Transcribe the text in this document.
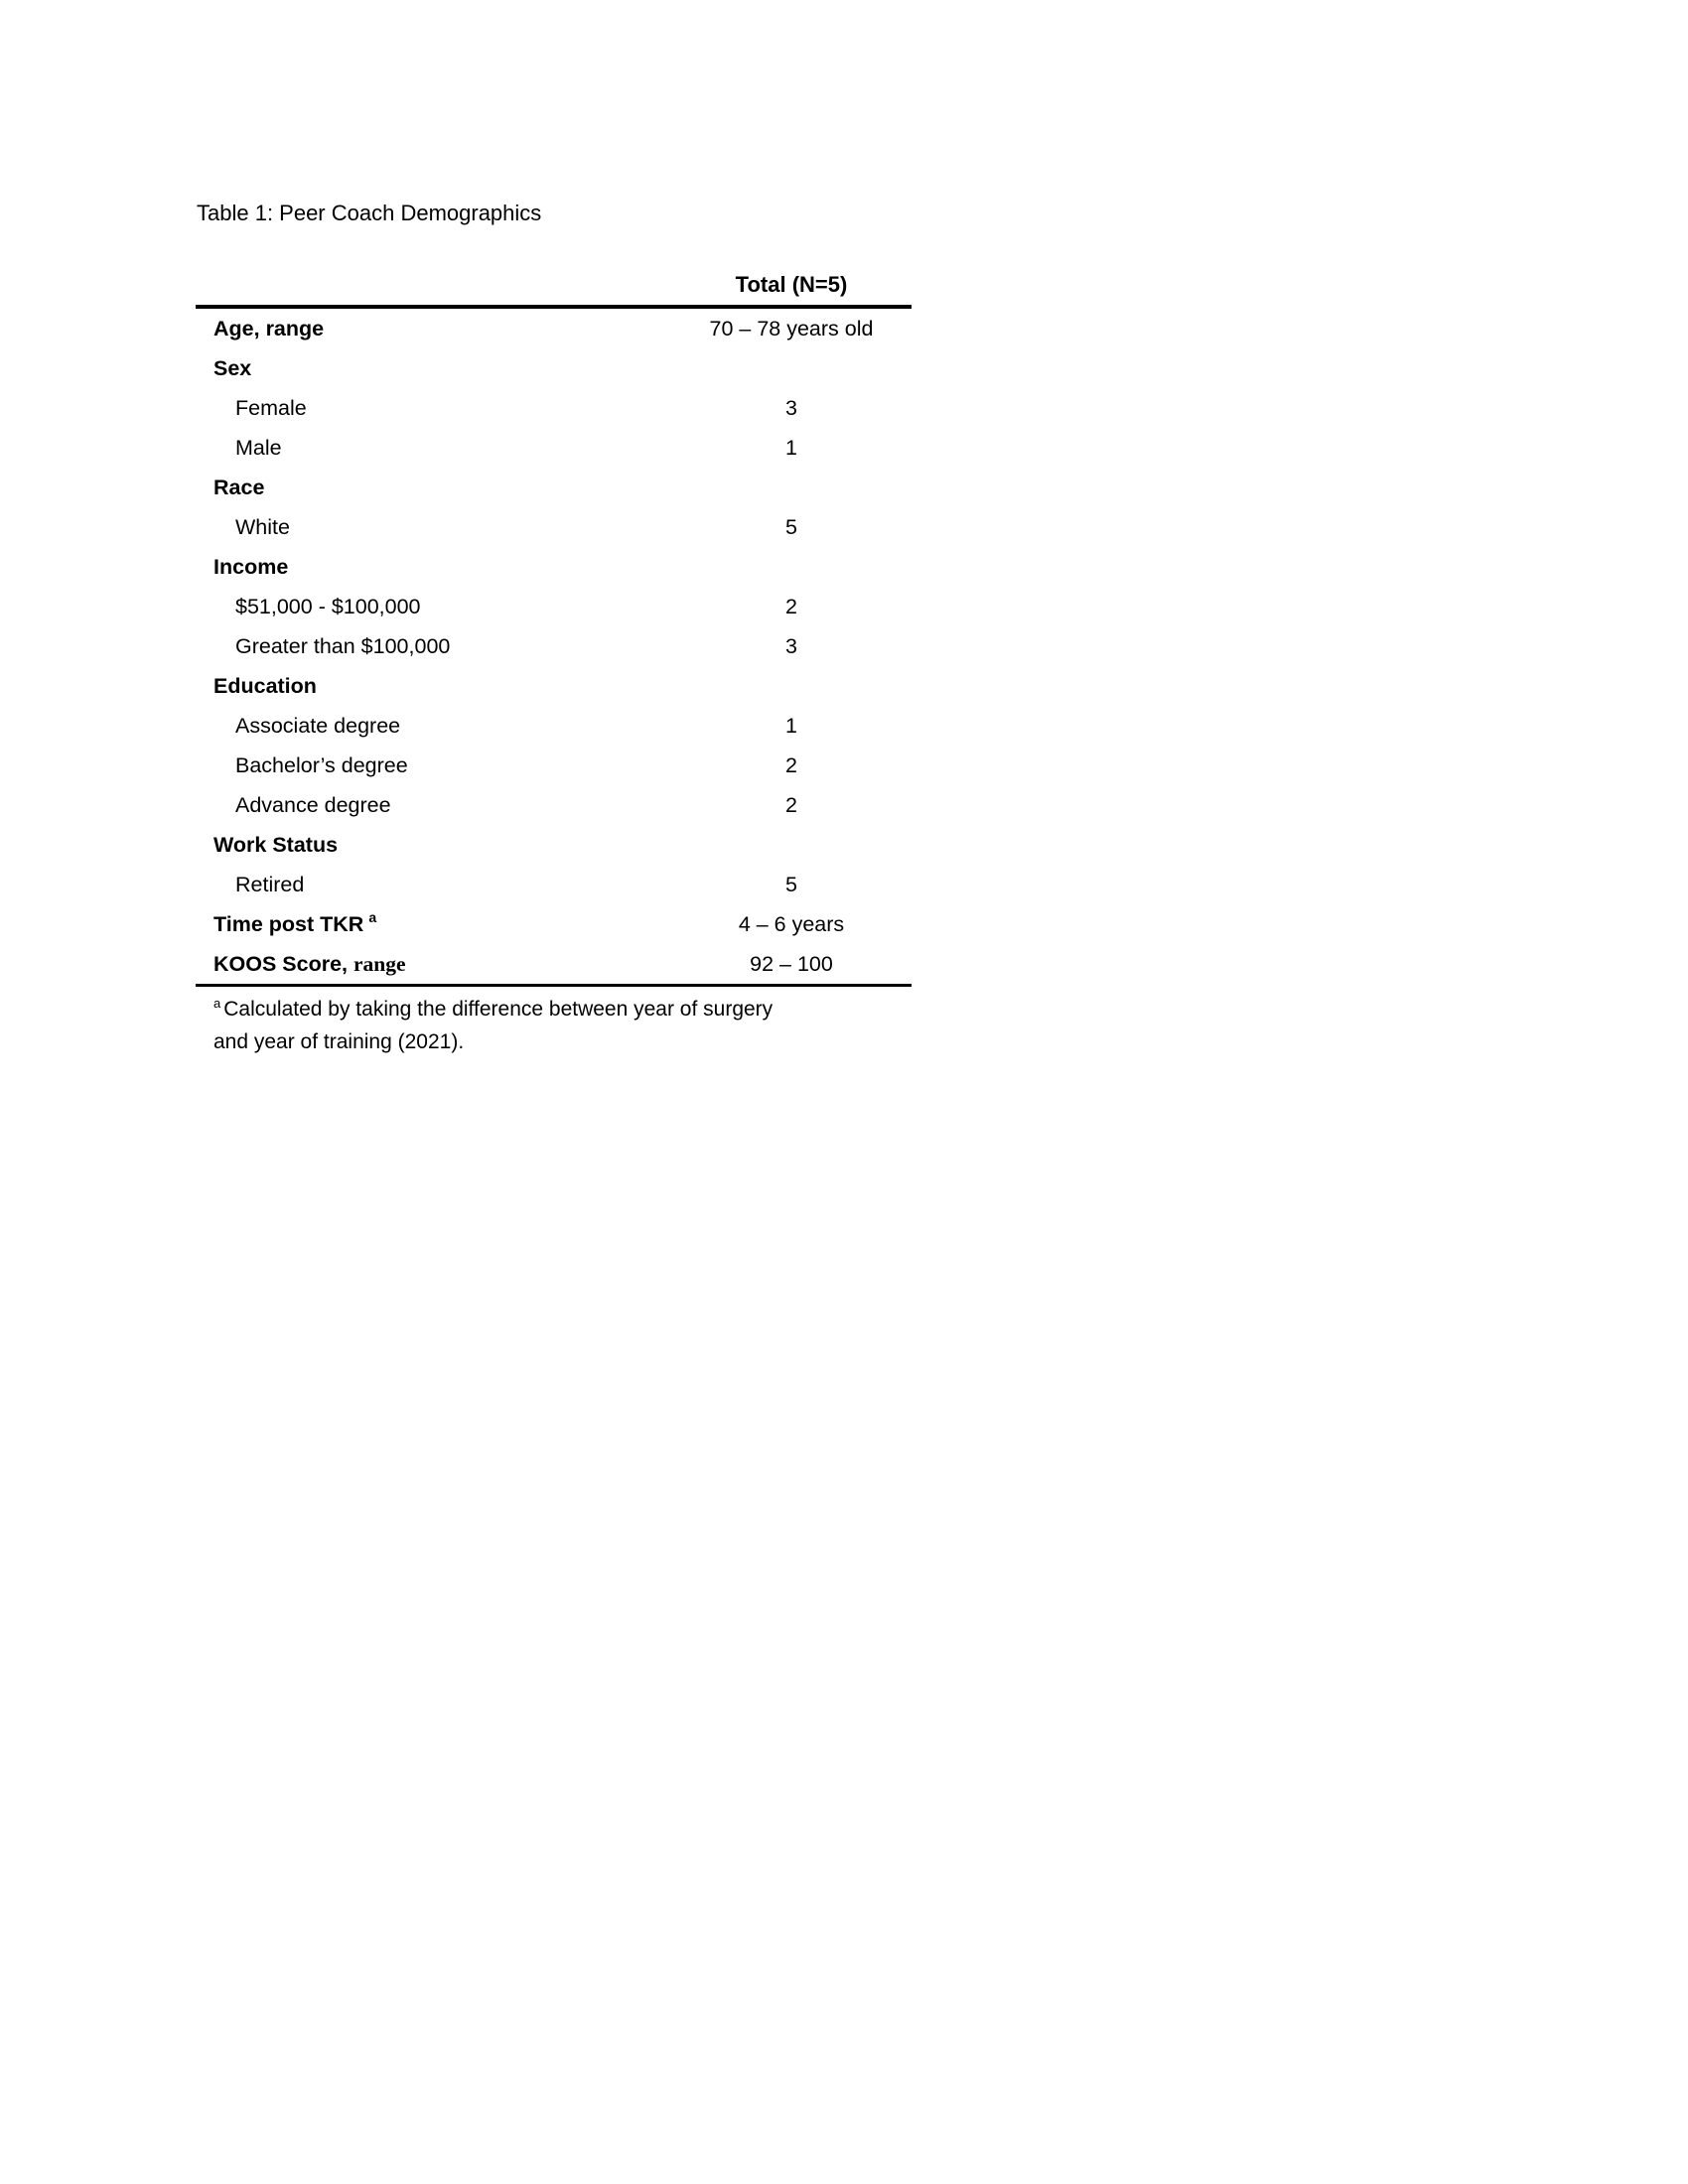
Table 1: Peer Coach Demographics
Total (N=5)
Age, range	70 – 78 years old
Sex
Female	3
Male	1
Race
White	5
Income
$51,000 - $100,000	2
Greater than $100,000	3
Education
Associate degree	1
Bachelor’s degree	2
Advance degree	2
Work Status
Retired	5
Time post TKR $^a$	4 – 6 years
KOOS Score, range	92 – 100
$^a$ Calculated by taking the difference between year of surgery
and year of training (2021).
